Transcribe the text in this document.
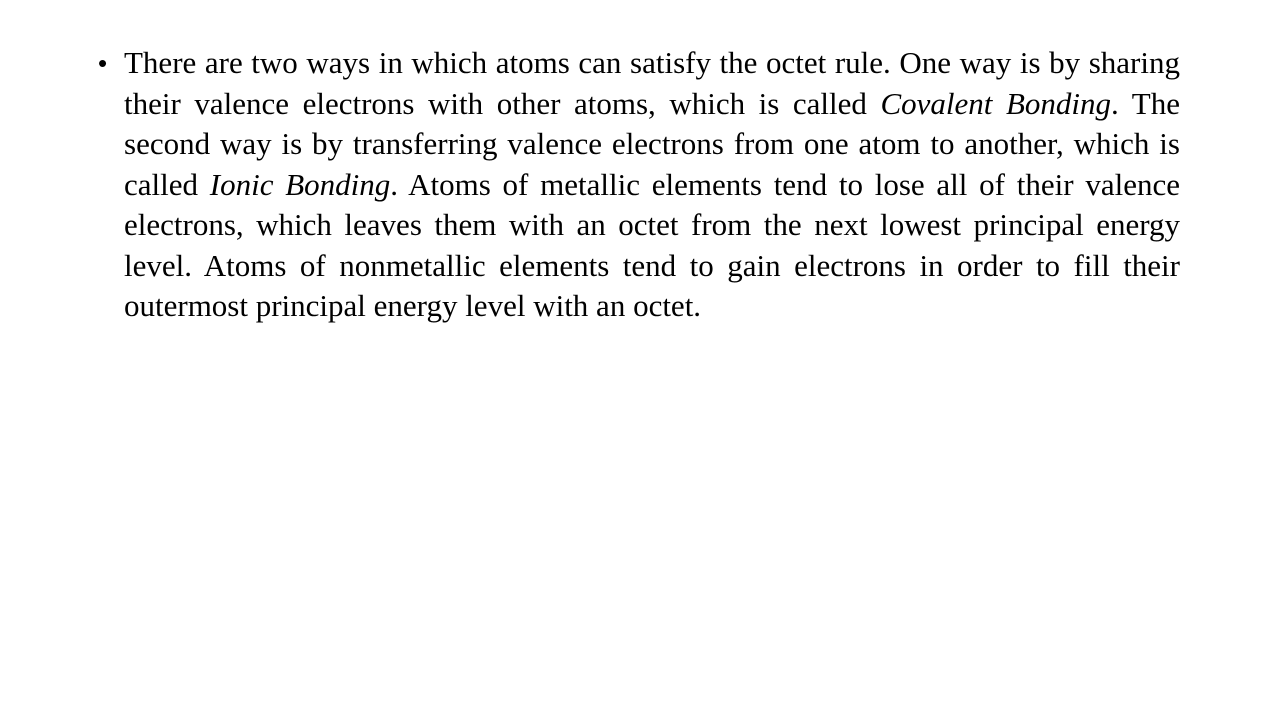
• There are two ways in which atoms can satisfy the octet rule. One way is by sharing their valence electrons with other atoms, which is called Covalent Bonding. The second way is by transferring valence electrons from one atom to another, which is called Ionic Bonding. Atoms of metallic elements tend to lose all of their valence electrons, which leaves them with an octet from the next lowest principal energy level. Atoms of nonmetallic elements tend to gain electrons in order to fill their outermost principal energy level with an octet.
